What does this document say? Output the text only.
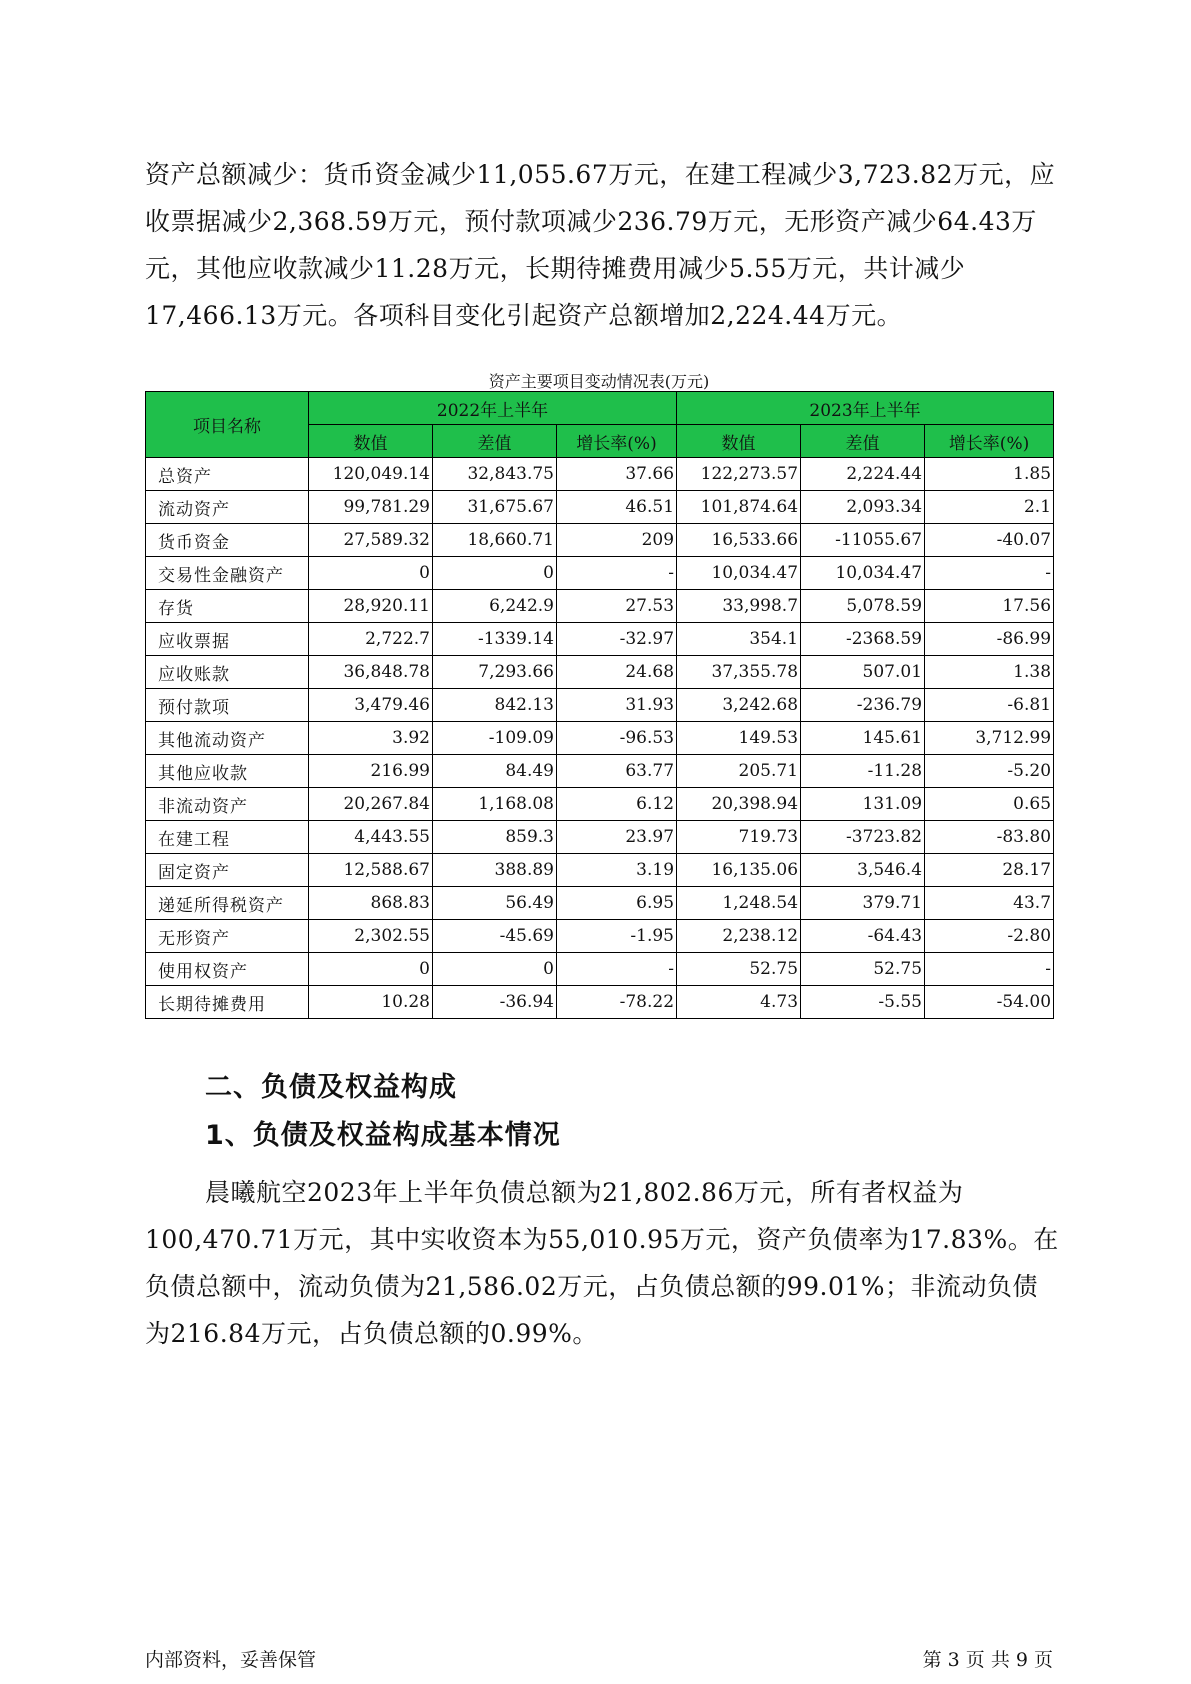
资产总额减少：货币资金减少11,055.67万元，在建工程减少3,723.82万元，应收票据减少2,368.59万元，预付款项减少236.79万元，无形资产减少64.43万元，其他应收款减少11.28万元，长期待摊费用减少5.55万元，共计减少17,466.13万元。各项科目变化引起资产总额增加2,224.44万元。

资产主要项目变动情况表(万元)
项目名称	2022年上半年			2023年上半年		
	数值	差值	增长率(%)	数值	差值	增长率(%)
总资产	120,049.14	32,843.75	37.66	122,273.57	2,224.44	1.85
流动资产	99,781.29	31,675.67	46.51	101,874.64	2,093.34	2.1
货币资金	27,589.32	18,660.71	209	16,533.66	-11055.67	-40.07
交易性金融资产	0	0	-	10,034.47	10,034.47	-
存货	28,920.11	6,242.9	27.53	33,998.7	5,078.59	17.56
应收票据	2,722.7	-1339.14	-32.97	354.1	-2368.59	-86.99
应收账款	36,848.78	7,293.66	24.68	37,355.78	507.01	1.38
预付款项	3,479.46	842.13	31.93	3,242.68	-236.79	-6.81
其他流动资产	3.92	-109.09	-96.53	149.53	145.61	3,712.99
其他应收款	216.99	84.49	63.77	205.71	-11.28	-5.20
非流动资产	20,267.84	1,168.08	6.12	20,398.94	131.09	0.65
在建工程	4,443.55	859.3	23.97	719.73	-3723.82	-83.80
固定资产	12,588.67	388.89	3.19	16,135.06	3,546.4	28.17
递延所得税资产	868.83	56.49	6.95	1,248.54	379.71	43.7
无形资产	2,302.55	-45.69	-1.95	2,238.12	-64.43	-2.80
使用权资产	0	0	-	52.75	52.75	-
长期待摊费用	10.28	-36.94	-78.22	4.73	-5.55	-54.00
二、负债及权益构成
1、负债及权益构成基本情况

晨曦航空2023年上半年负债总额为21,802.86万元，所有者权益为100,470.71万元，其中实收资本为55,010.95万元，资产负债率为17.83%。在负债总额中，流动负债为21,586.02万元，占负债总额的99.01%；非流动负债为216.84万元，占负债总额的0.99%。

内部资料，妥善保管	第 3 页 共 9 页
